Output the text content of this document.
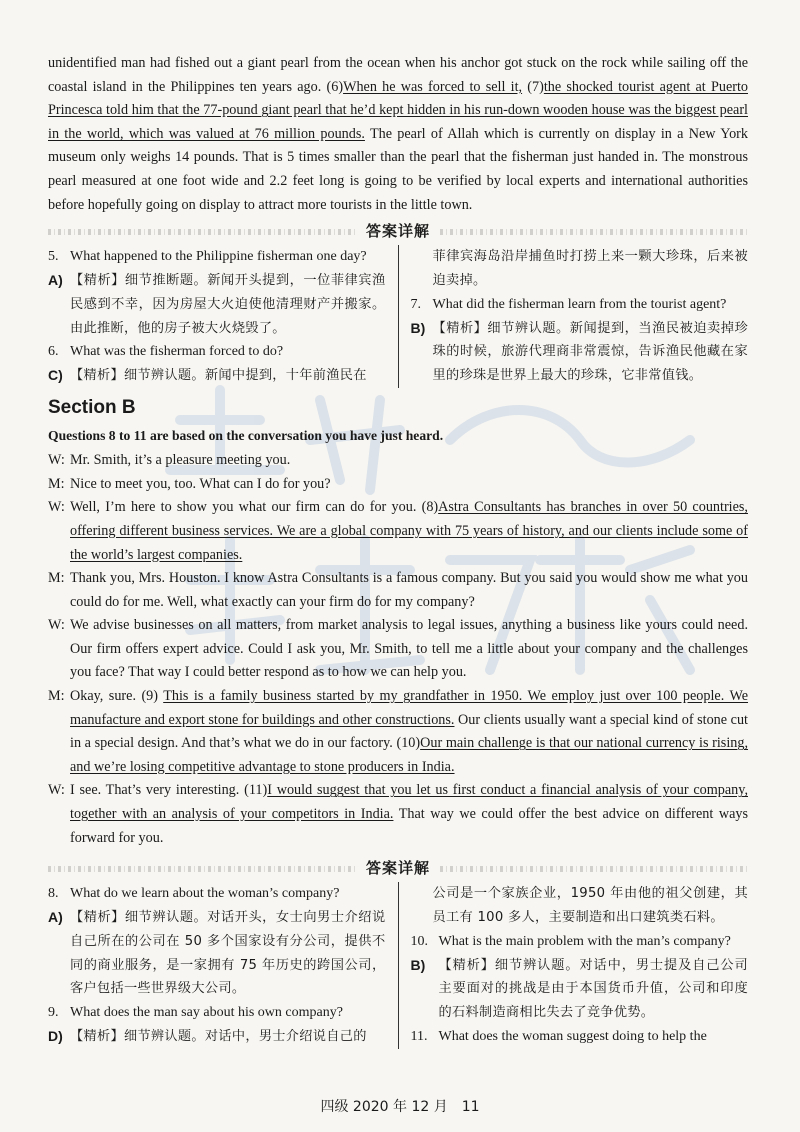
unidentified man had fished out a giant pearl from the ocean when his anchor got stuck on the rock while sailing off the coastal island in the Philippines ten years ago. (6)When he was forced to sell it, (7)the shocked tourist agent at Puerto Princesca told him that the 77-pound giant pearl that he’d kept hidden in his run-down wooden house was the biggest pearl in the world, which was valued at 76 million pounds. The pearl of Allah which is currently on display in a New York museum only weighs 14 pounds. That is 5 times smaller than the pearl that the fisherman just handed in. The monstrous pearl measured at one foot wide and 2.2 feet long is going to be verified by local experts and international authorities before hopefully going on display to attract more tourists in the little town.

答案详解
5. What happened to the Philippine fisherman one day?
A) 【精析】细节推断题。新闻开头提到，一位菲律宾渔民感到不幸，因为房屋大火迫使他清理财产并搬家。由此推断，他的房子被大火烧毁了。
6. What was the fisherman forced to do?
C) 【精析】细节辨认题。新闻中提到，十年前渔民在
菲律宾海岛沿岸捕鱼时打捞上来一颗大珍珠，后来被迫卖掉。
7. What did the fisherman learn from the tourist agent?
B) 【精析】细节辨认题。新闻提到，当渔民被迫卖掉珍珠的时候，旅游代理商非常震惊，告诉渔民他藏在家里的珍珠是世界上最大的珍珠，它非常值钱。
Section B
Questions 8 to 11 are based on the conversation you have just heard.
W: Mr. Smith, it’s a pleasure meeting you.
M: Nice to meet you, too. What can I do for you?
W: Well, I’m here to show you what our firm can do for you. (8)Astra Consultants has branches in over 50 countries, offering different business services. We are a global company with 75 years of history, and our clients include some of the world’s largest companies.
M: Thank you, Mrs. Houston. I know Astra Consultants is a famous company. But you said you would show me what you could do for me. Well, what exactly can your firm do for my company?
W: We advise businesses on all matters, from market analysis to legal issues, anything a business like yours could need. Our firm offers expert advice. Could I ask you, Mr. Smith, to tell me a little about your company and the challenges you face? That way I could better respond as to how we can help you.
M: Okay, sure. (9) This is a family business started by my grandfather in 1950. We employ just over 100 people. We manufacture and export stone for buildings and other constructions. Our clients usually want a special kind of stone cut in a special design. And that’s what we do in our factory. (10)Our main challenge is that our national currency is rising, and we’re losing competitive advantage to stone producers in India.
W: I see. That’s very interesting. (11)I would suggest that you let us first conduct a financial analysis of your company, together with an analysis of your competitors in India. That way we could offer the best advice on different ways forward for you.
答案详解
8. What do we learn about the woman’s company?
A) 【精析】细节辨认题。对话开头，女士向男士介绍说自己所在的公司在 50 多个国家设有分公司，提供不同的商业服务，是一家拥有 75 年历史的跨国公司，客户包括一些世界级大公司。
9. What does the man say about his own company?
D) 【精析】细节辨认题。对话中，男士介绍说自己的
公司是一个家族企业，1950 年由他的祖父创建，其员工有 100 多人，主要制造和出口建筑类石料。
10. What is the main problem with the man’s company?
B)	【精析】细节辨认题。对话中，男士提及自己公司主要面对的挑战是由于本国货币升值，公司和印度的石料制造商相比失去了竞争优势。
11. What does the woman suggest doing to help the
四级 2020 年 12 月　11
